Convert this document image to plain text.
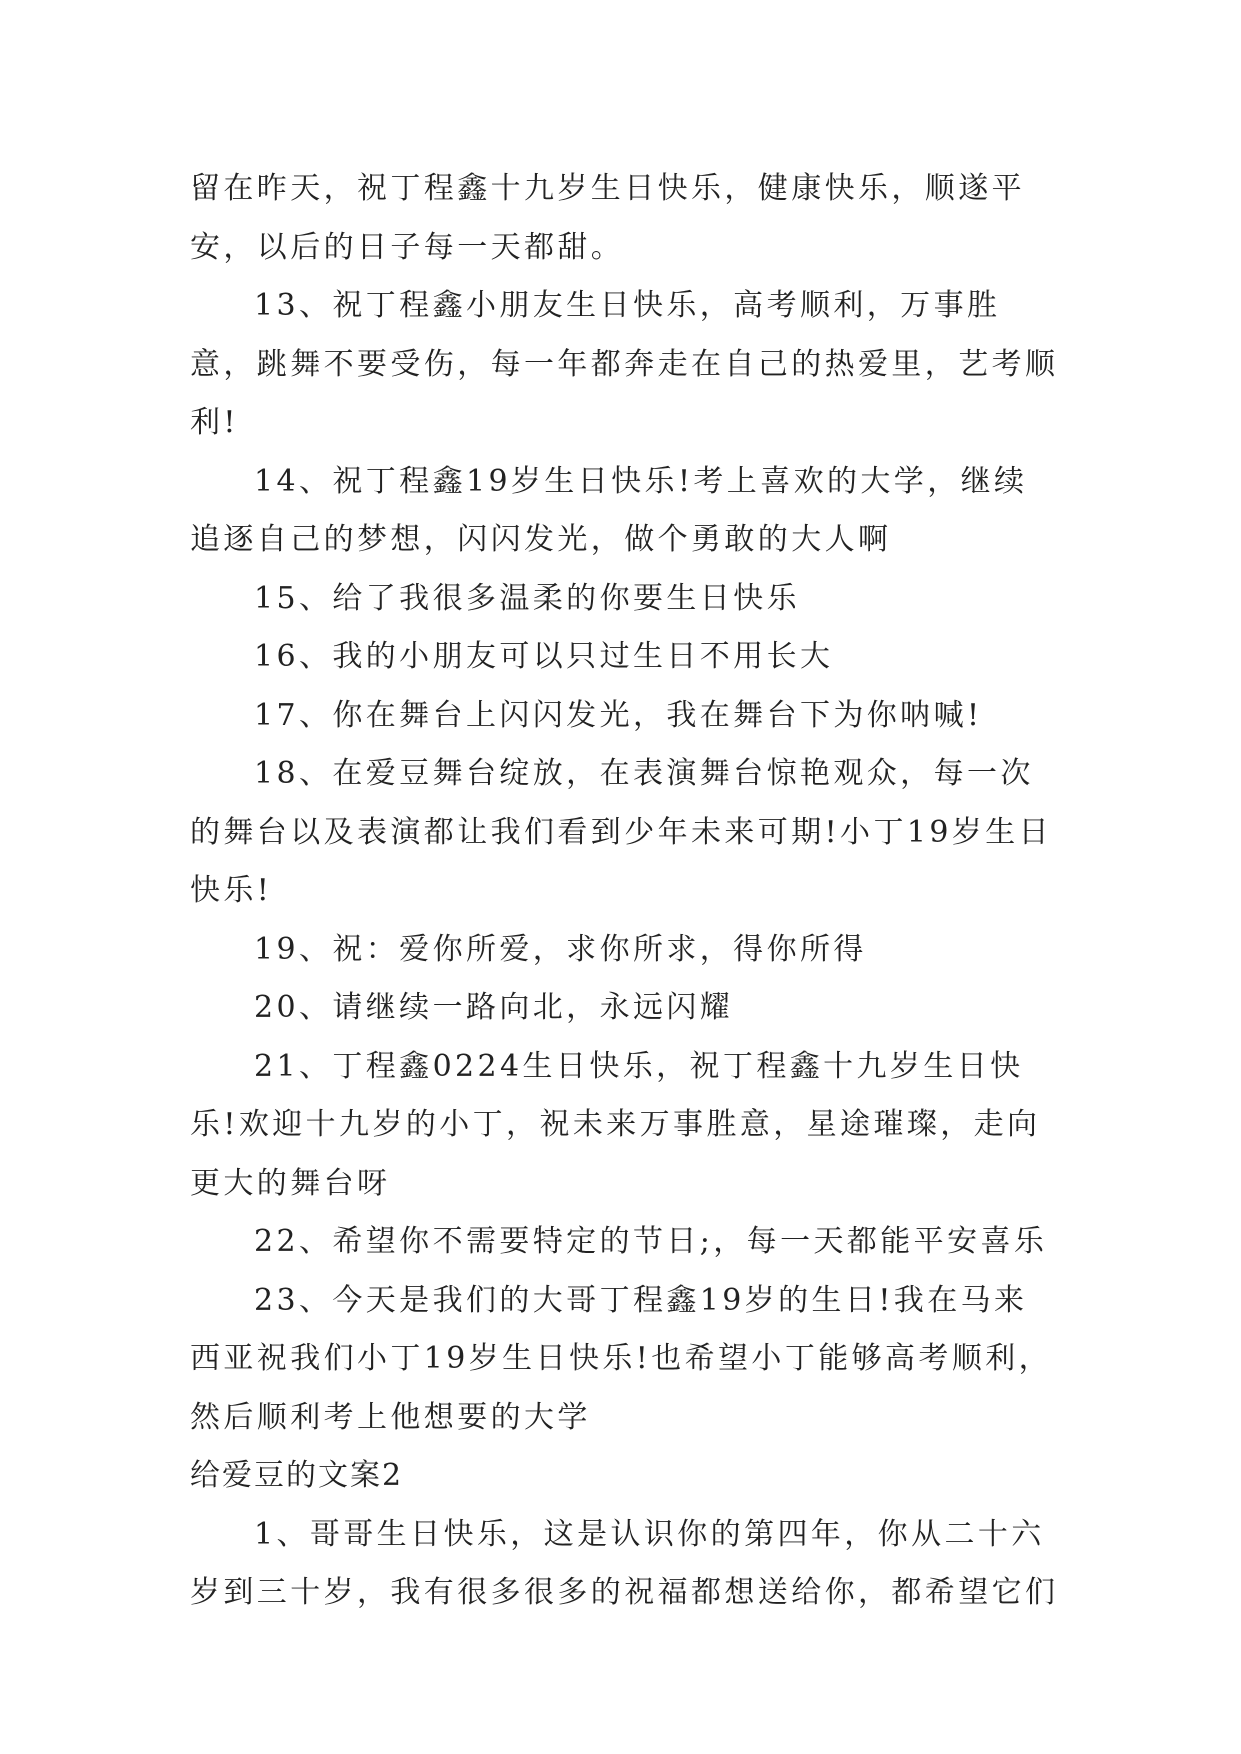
留在昨天，祝丁程鑫十九岁生日快乐，健康快乐，顺遂平安，以后的日子每一天都甜。

13、祝丁程鑫小朋友生日快乐，高考顺利，万事胜意，跳舞不要受伤，每一年都奔走在自己的热爱里，艺考顺利!

14、祝丁程鑫19岁生日快乐!考上喜欢的大学，继续追逐自己的梦想，闪闪发光，做个勇敢的大人啊

15、给了我很多温柔的你要生日快乐

16、我的小朋友可以只过生日不用长大

17、你在舞台上闪闪发光，我在舞台下为你呐喊!

18、在爱豆舞台绽放，在表演舞台惊艳观众，每一次的舞台以及表演都让我们看到少年未来可期!小丁19岁生日快乐!

19、祝：爱你所爱，求你所求，得你所得

20、请继续一路向北，永远闪耀

21、丁程鑫0224生日快乐，祝丁程鑫十九岁生日快乐!欢迎十九岁的小丁，祝未来万事胜意，星途璀璨，走向更大的舞台呀

22、希望你不需要特定的节日;，每一天都能平安喜乐

23、今天是我们的大哥丁程鑫19岁的生日!我在马来西亚祝我们小丁19岁生日快乐!也希望小丁能够高考顺利，然后顺利考上他想要的大学

给爱豆的文案2

1、哥哥生日快乐，这是认识你的第四年，你从二十六岁到三十岁，我有很多很多的祝福都想送给你，都希望它们
